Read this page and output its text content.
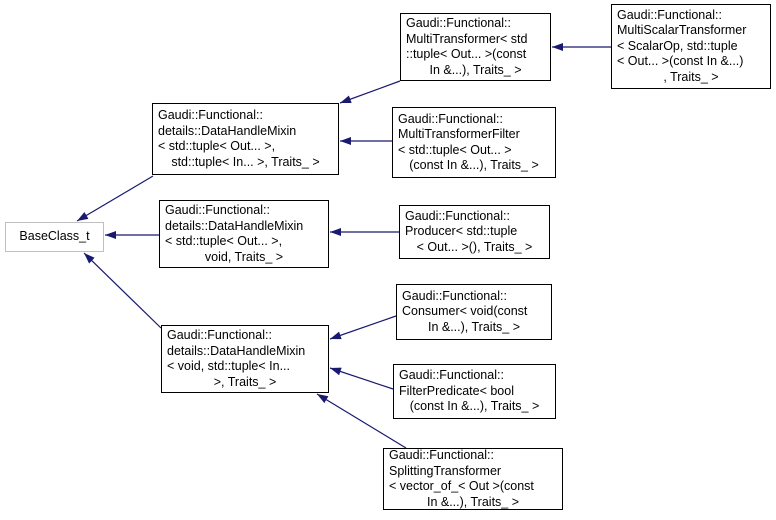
Gaudi::Functional::
MultiTransformer< std
::tuple< Out... >(const
In &...), Traits_ >
Gaudi::Functional::
MultiScalarTransformer
< ScalarOp, std::tuple
< Out... >(const In &...)
, Traits_ >
Gaudi::Functional::
details::DataHandleMixin
< std::tuple< Out... >,
std::tuple< In... >, Traits_ >
Gaudi::Functional::
MultiTransformerFilter
< std::tuple< Out... >
(const In &...), Traits_ >
BaseClass_t
Gaudi::Functional::
details::DataHandleMixin
< std::tuple< Out... >,
void, Traits_ >
Gaudi::Functional::
Producer< std::tuple
< Out... >(), Traits_ >
Gaudi::Functional::
Consumer< void(const
In &...), Traits_ >
Gaudi::Functional::
details::DataHandleMixin
< void, std::tuple< In...
>, Traits_ >	Gaudi::Functional::
FilterPredicate< bool
(const In &...), Traits_ >
Gaudi::Functional::
SplittingTransformer
< vector_of_< Out >(const
In &...), Traits_ >
